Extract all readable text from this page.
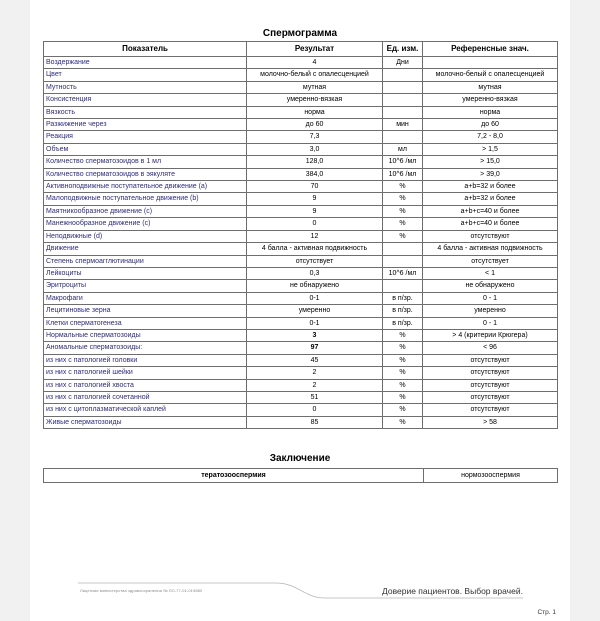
Спермограмма
Показатель	Результат	Ед. изм.	Референсные знач.
Воздержание	4	Дни	
Цвет	молочно-белый с опалесценцией		молочно-белый с опалесценцией
Мутность	мутная		мутная
Консистенция	умеренно-вязкая		умеренно-вязкая
Вязкость	норма		норма
Разжижение через	до 60	мин	до 60
Реакция	7,3		7,2 - 8,0
Объем	3,0	мл	> 1,5
Количество сперматозоидов в 1 мл	128,0	10^6 /мл	> 15,0
Количество сперматозоидов в эякуляте	384,0	10^6 /мл	> 39,0
Активноподвижные поступательное движение (а)	70	%	a+b=32 и более
Малоподвижные поступательное движение (b)	9	%	a+b=32 и более
Маятникообразное движение (с)	9	%	a+b+c=40 и более
Манежнообразное движение (с)	0	%	a+b+c=40 и более
Неподвижные (d)	12	%	отсутствуют
Движение	4 балла - активная подвижность		4 балла - активная подвижность
Степень спермоагглютинации	отсутствует		отсутствует
Лейкоциты	0,3	10^6 /мл	< 1
Эритроциты	не обнаружено		не обнаружено
Макрофаги	0-1	в п/зр.	0 - 1
Лецитиновые зерна	умеренно	в п/зр.	умеренно
Клетки сперматогенеза	0-1	в п/зр.	0 - 1
Нормальные сперматозоиды	3	%	> 4 (критерии Крюгера)
Аномальные сперматозоиды:	97	%	< 96
из них с патологией головки	45	%	отсутствуют
из них с патологией шейки	2	%	отсутствуют
из них с патологией хвоста	2	%	отсутствуют
из них с патологией сочетанной	51	%	отсутствуют
из них с цитоплазматической каплей	0	%	отсутствуют
Живые сперматозоиды	85	%	> 58
Заключение
тератозооспермия	нормозооспермия
Лицензия министерства здравоохранения № ЛО-77-01-019880	Доверие пациентов. Выбор врачей.
Стр. 1
